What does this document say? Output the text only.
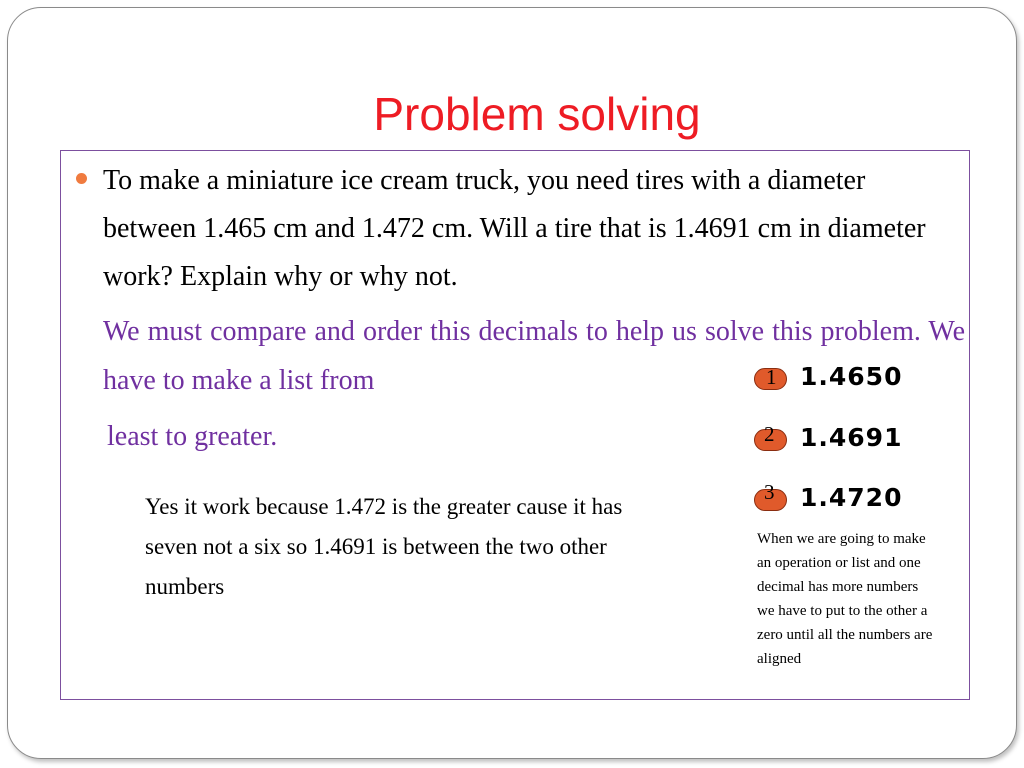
Problem solving

To make a miniature ice cream truck, you need tires with a diameter between 1.465 cm and 1.472 cm. Will a tire that is 1.4691 cm in diameter work? Explain why or why not.

We must compare and order this decimals to help us solve this problem. We have to make a list from

least to greater.

Yes it work because 1.472 is the greater cause it has seven not a six so 1.4691 is between the two other numbers

1 1.4650
2 1.4691
3 1.4720

When we are going to make an operation or list and one decimal has more numbers we have to put to the other a zero until all the numbers are aligned
